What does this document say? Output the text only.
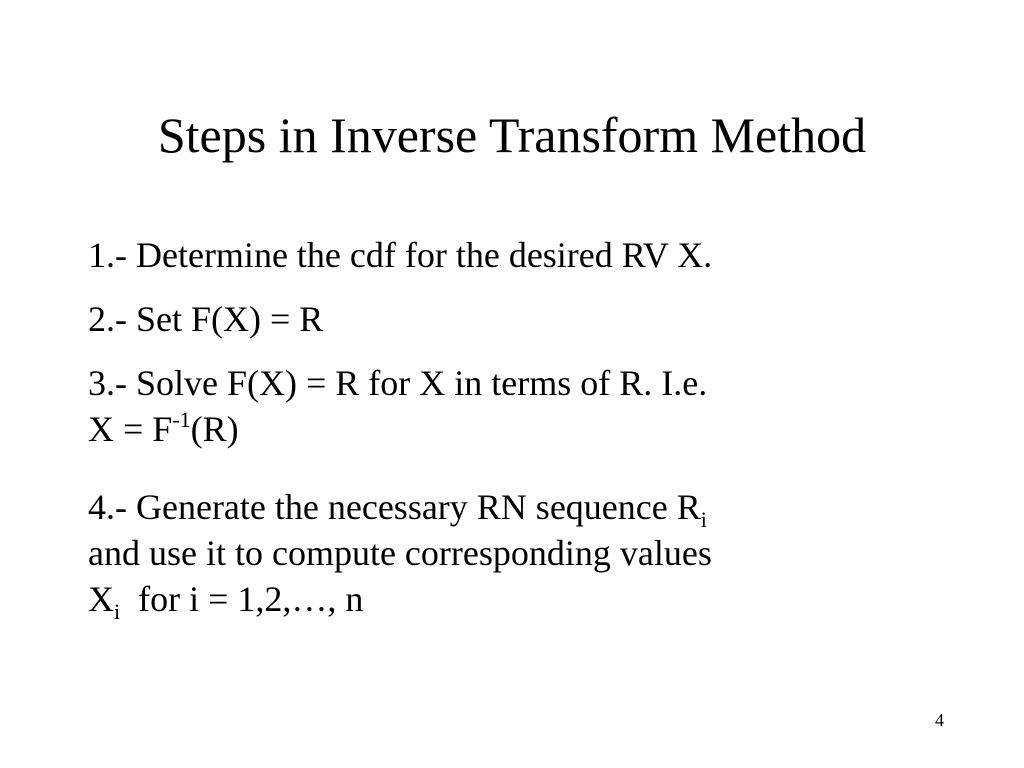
Steps in Inverse Transform Method
1.- Determine the cdf for the desired RV X.
2.- Set F(X) = R
3.- Solve F(X) = R for X in terms of R. I.e.
$X = F^{-1}(R)$
4.- Generate the necessary RN sequence $R_i$
and use it to compute corresponding values
$X_i$  for i = 1,2,…, n
4
